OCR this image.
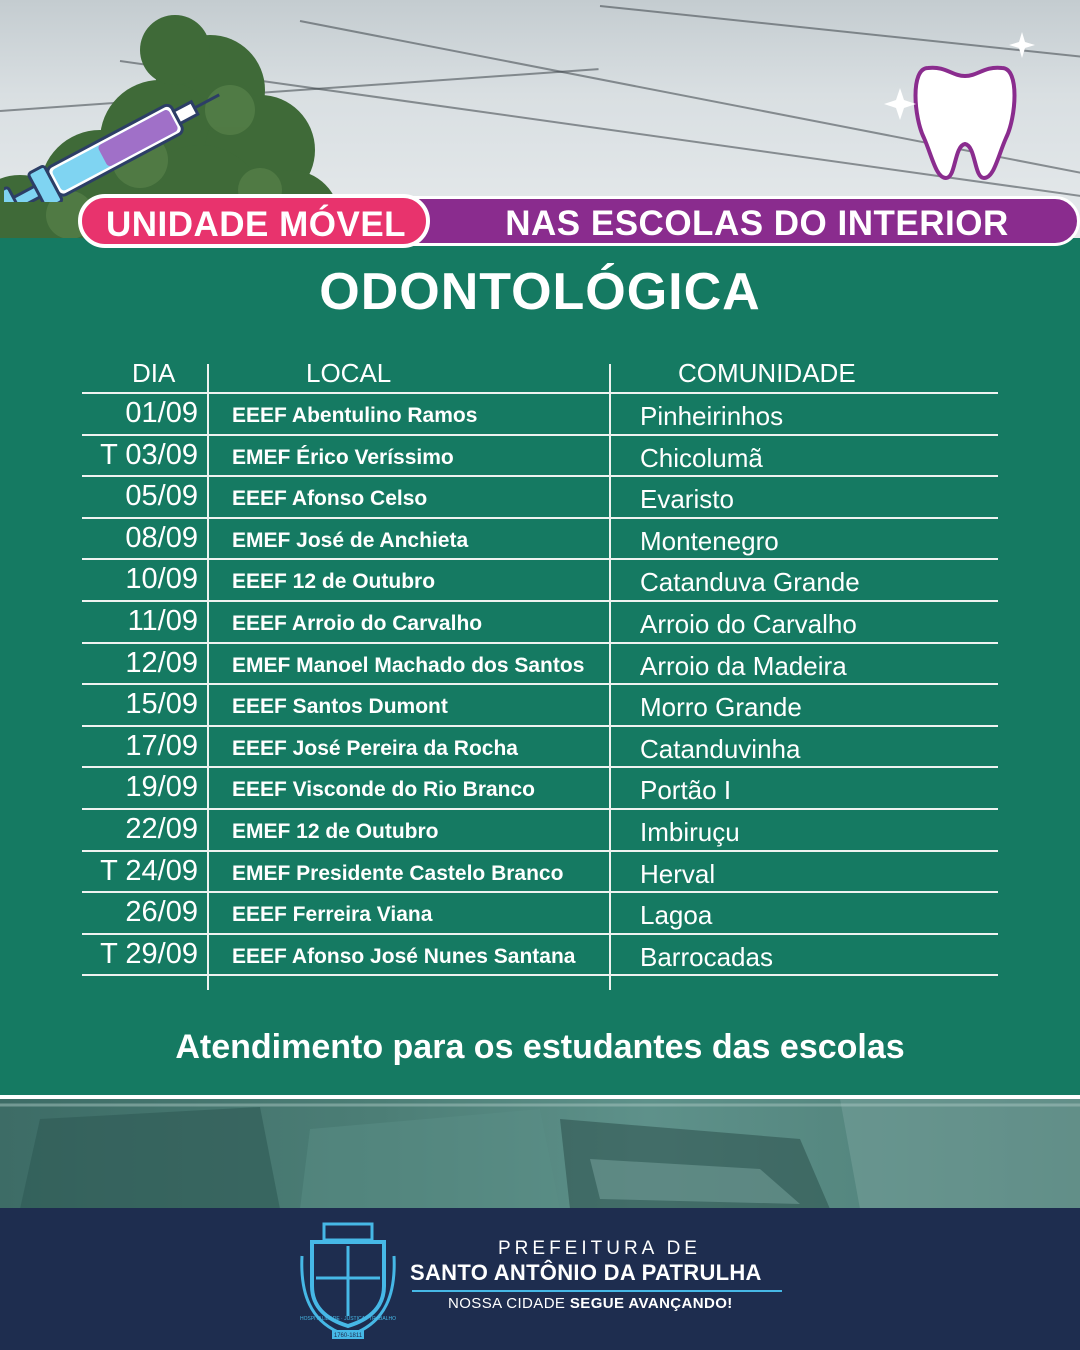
NAS ESCOLAS DO INTERIOR
UNIDADE MÓVEL
ODONTOLÓGICA
DIA	LOCAL	COMUNIDADE
01/09 EEEF Abentulino Ramos	Pinheirinhos
T 03/09 EMEF Érico Veríssimo	Chicolumã
05/09 EEEF Afonso Celso	Evaristo
08/09 EMEF José de Anchieta	Montenegro
10/09 EEEF 12 de Outubro	Catanduva Grande
11/09 EEEF Arroio do Carvalho	Arroio do Carvalho
12/09 EMEF Manoel Machado dos Santos	Arroio da Madeira
15/09 EEEF Santos Dumont	Morro Grande
17/09 EEEF José Pereira da Rocha	Catanduvinha
19/09 EEEF Visconde do Rio Branco	Portão I
22/09 EMEF 12 de Outubro	Imbiruçu
T 24/09 EMEF Presidente Castelo Branco	Herval
26/09 EEEF Ferreira Viana	Lagoa
T 29/09 EEEF Afonso José Nunes Santana	Barrocadas
Atendimento para os estudantes das escolas
HOSPITALIDADE · JUSTIÇA · TRABALHO
1760-1811
PREFEITURA DE
SANTO ANTÔNIO DA PATRULHA
NOSSA CIDADE SEGUE AVANÇANDO!
